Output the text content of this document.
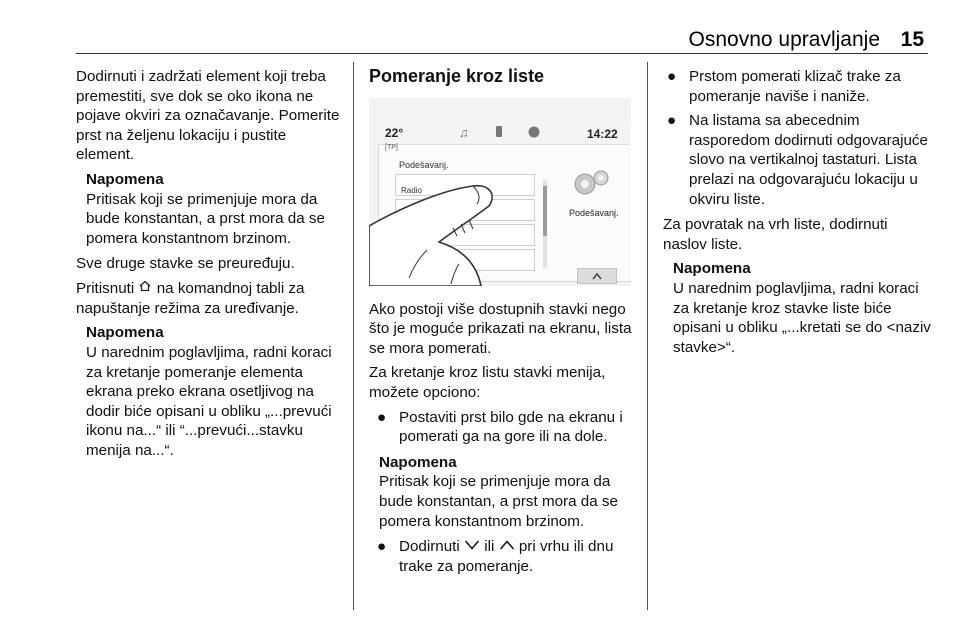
Osnovno upravljanje 15

Dodirnuti i zadržati element koji treba premestiti, sve dok se oko ikona ne pojave okviri za označavanje. Pomerite prst na željenu lokaciju i pustite element.

Napomena
Pritisak koji se primenjuje mora da bude konstantan, a prst mora da se pomera konstantnom brzinom.

Sve druge stavke se preuređuju.

Pritisnuti na komandnoj tabli za napuštanje režima za uređivanje.

Napomena
U narednim poglavljima, radni koraci za kretanje pomeranje elementa ekrana preko ekrana osetljivog na dodir biće opisani u obliku „...prevući ikonu na...“ ili “...prevući...stavku menija na...“.
Pomeranje kroz liste
22°
[TP]
♫	14:22
Podešavanj.
Radio
Podešavanj.

Ako postoji više dostupnih stavki nego što je moguće prikazati na ekranu, lista se mora pomerati.

Za kretanje kroz listu stavki menija, možete opciono:

● Postaviti prst bilo gde na ekranu i pomerati ga na gore ili na dole.
Napomena
Pritisak koji se primenjuje mora da bude konstantan, a prst mora da se pomera konstantnom brzinom.
● Dodirnuti ili pri vrhu ili dnu trake za pomeranje.
● Prstom pomerati klizač trake za pomeranje naviše i naniže.
● Na listama sa abecednim rasporedom dodirnuti odgovarajuće slovo na vertikalnoj tastaturi. Lista prelazi na odgovarajuću lokaciju u okviru liste.

Za povratak na vrh liste, dodirnuti naslov liste.

Napomena
U narednim poglavljima, radni koraci za kretanje kroz stavke liste biće opisani u obliku „...kretati se do <naziv stavke>“.
